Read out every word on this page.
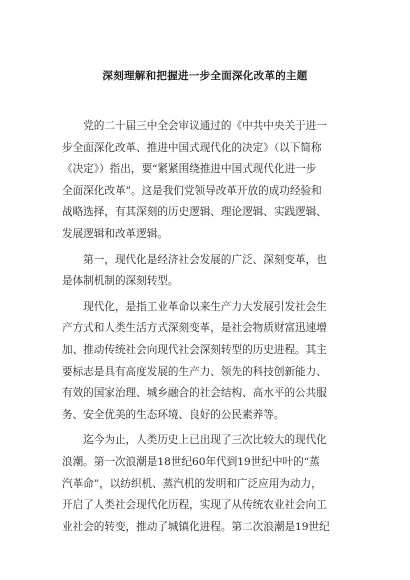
深刻理解和把握进一步全面深化改革的主题
　　党的二十届三中全会审议通过的《中共中央关于进一
步全面深化改革、推进中国式现代化的决定》（以下简称
《决定》）指出，要“紧紧围绕推进中国式现代化进一步
全面深化改革”。这是我们党领导改革开放的成功经验和
战略选择，有其深刻的历史逻辑、理论逻辑、实践逻辑、
发展逻辑和改革逻辑。
　　第一，现代化是经济社会发展的广泛、深刻变革，也
是体制机制的深刻转型。
　　现代化，是指工业革命以来生产力大发展引发社会生
产方式和人类生活方式深刻变革，是社会物质财富迅速增
加、推动传统社会向现代社会深刻转型的历史进程。其主
要标志是具有高度发展的生产力、领先的科技创新能力、
有效的国家治理、城乡融合的社会结构、高水平的公共服
务、安全优美的生态环境、良好的公民素养等。
　　迄今为止，人类历史上已出现了三次比较大的现代化
浪潮。第一次浪潮是18世纪60年代到19世纪中叶的“蒸
汽革命”，以纺织机、蒸汽机的发明和广泛应用为动力，
开启了人类社会现代化历程，实现了从传统农业社会向工
业社会的转变，推动了城镇化进程。第二次浪潮是19世纪
